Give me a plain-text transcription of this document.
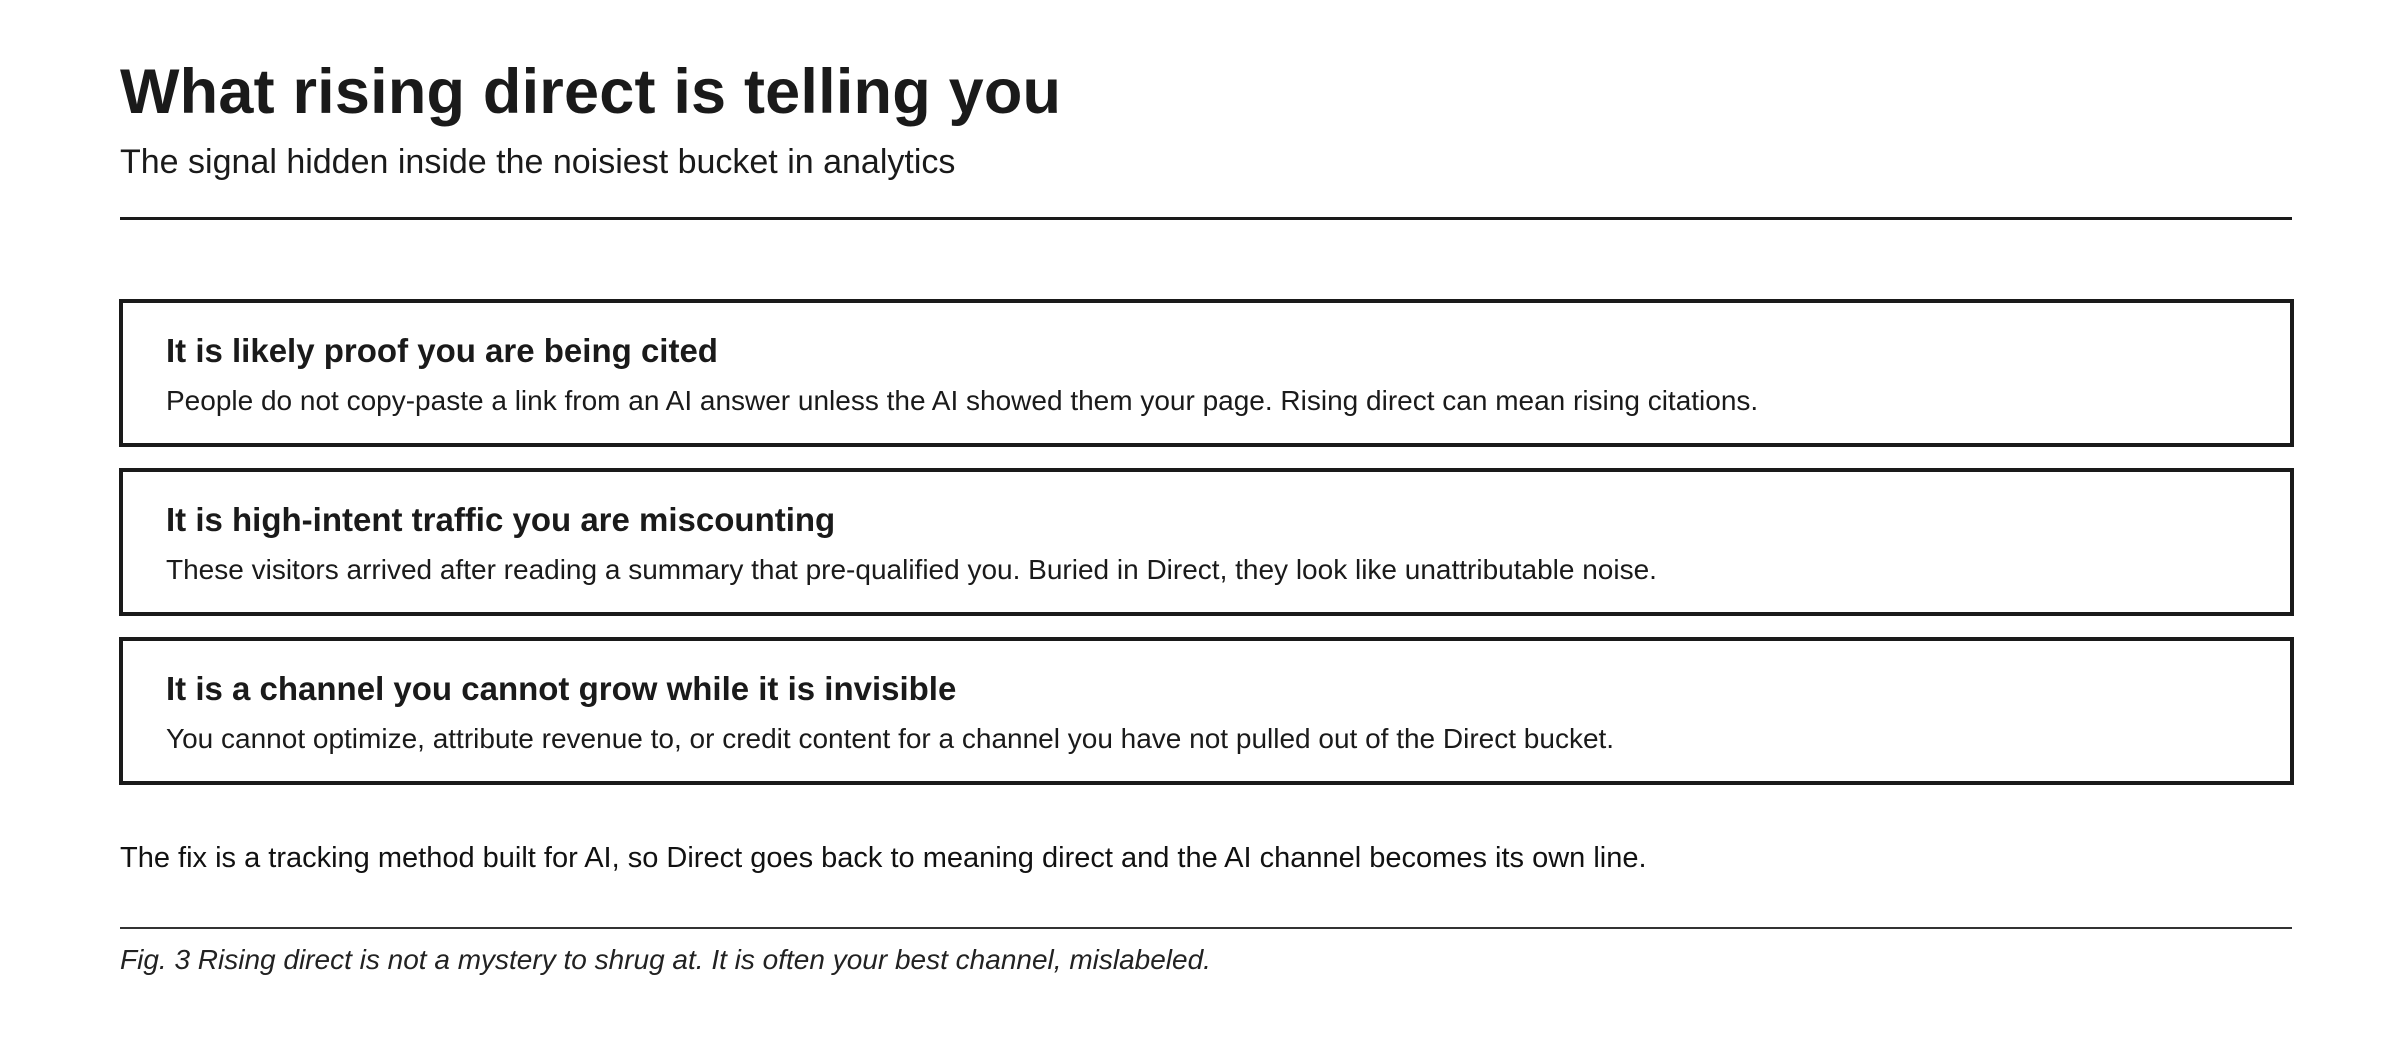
What rising direct is telling you

The signal hidden inside the noisiest bucket in analytics

It is likely proof you are being cited

People do not copy-paste a link from an AI answer unless the AI showed them your page. Rising direct can mean rising citations.

It is high-intent traffic you are miscounting

These visitors arrived after reading a summary that pre-qualified you. Buried in Direct, they look like unattributable noise.

It is a channel you cannot grow while it is invisible

You cannot optimize, attribute revenue to, or credit content for a channel you have not pulled out of the Direct bucket.

The fix is a tracking method built for AI, so Direct goes back to meaning direct and the AI channel becomes its own line.

Fig. 3 Rising direct is not a mystery to shrug at. It is often your best channel, mislabeled.
